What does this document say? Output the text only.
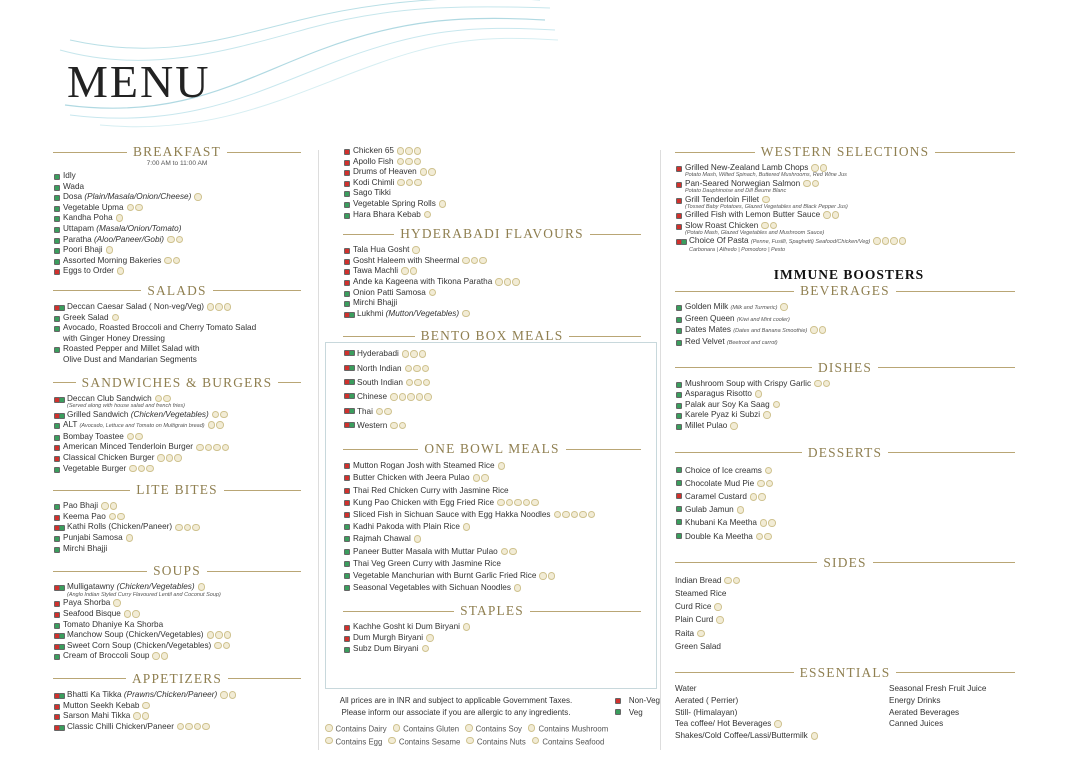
MENU
BREAKFAST
7:00 AM to 11:00 AM
Idly
Wada
Dosa (Plain/Masala/Onion/Cheese)
Vegetable Upma
Kandha Poha
Uttapam (Masala/Onion/Tomato)
Paratha (Aloo/Paneer/Gobi)
Poori Bhaji
Assorted Morning Bakeries
Eggs to Order
SALADS
Deccan Caesar Salad ( Non-veg/Veg)
Greek Salad
Avocado, Roasted Broccoli and Cherry Tomato Salad
with Ginger Honey Dressing
Roasted Pepper and Millet Salad with
Olive Dust and Mandarian Segments
SANDWICHES & BURGERS
Deccan Club Sandwich
(Served along with house salad and french fries)
Grilled Sandwich (Chicken/Vegetables)
ALT (Avocado, Lettuce and Tomato on Multigrain bread)
Bombay Toastee
American Minced Tenderloin Burger
Classical Chicken Burger
Vegetable Burger
LITE BITES
Pao Bhaji
Keema Pao
Kathi Rolls (Chicken/Paneer)
Punjabi Samosa
Mirchi Bhajji
SOUPS
Mulligatawny (Chicken/Vegetables)
(Anglo Indian Styled Curry Flavoured Lentil and Coconut Soup)
Paya Shorba
Seafood Bisque
Tomato Dhaniye Ka Shorba
Manchow Soup (Chicken/Vegetables)
Sweet Corn Soup (Chicken/Vegetables)
Cream of Broccoli Soup
APPETIZERS
Bhatti Ka Tikka (Prawns/Chicken/Paneer)
Mutton Seekh Kebab
Sarson Mahi Tikka
Classic Chilli Chicken/Paneer
Chicken 65
Apollo Fish
Drums of Heaven
Kodi Chimli
Sago Tikki
Vegetable Spring Rolls
Hara Bhara Kebab
HYDERABADI FLAVOURS
Tala Hua Gosht
Gosht Haleem with Sheermal
Tawa Machli
Ande ka Kageena with Tikona Paratha
Onion Patti Samosa
Mirchi Bhajji
Lukhmi (Mutton/Vegetables)
BENTO BOX MEALS
Hyderabadi
North Indian
South Indian
Chinese
Thai
Western
ONE BOWL MEALS
Mutton Rogan Josh with Steamed Rice
Butter Chicken with Jeera Pulao
Thai Red Chicken Curry with Jasmine Rice
Kung Pao Chicken with Egg Fried Rice
Sliced Fish in Sichuan Sauce with Egg Hakka Noodles
Kadhi Pakoda with Plain Rice
Rajmah Chawal
Paneer Butter Masala with Muttar Pulao
Thai Veg Green Curry with Jasmine Rice
Vegetable Manchurian with Burnt Garlic Fried Rice
Seasonal Vegetables with Sichuan Noodles
STAPLES
Kachhe Gosht ki Dum Biryani
Dum Murgh Biryani
Subz Dum Biryani
All prices are in INR and subject to applicable Government Taxes.
Please inform our associate if you are allergic to any ingredients.

Non-Veg

Veg
Contains Dairy	Contains Gluten	Contains Soy	Contains Mushroom
Contains Egg	Contains Sesame	Contains Nuts	Contains Seafood
WESTERN SELECTIONS
Grilled New-Zealand Lamb Chops
Potato Mash, Wilted Spinach, Buttered Mushrooms, Red Wine Jus
Pan-Seared Norwegian Salmon
Potato Dauphinoise and Dill Beurre Blanc
Grill Tenderloin Fillet
(Tossed Baby Potatoes, Glazed Vegetables and Black Pepper Jus)
Grilled Fish with Lemon Butter Sauce
Slow Roast Chicken
(Potato Mash, Glazed Vegetables and Mushroom Sauce)
Choice Of Pasta (Penne, Fusilli, Spaghetti) Seafood/Chicken/Veg)
Carbonara | Alfredo | Pomodoro | Pesto

IMMUNE BOOSTERS

BEVERAGES
Golden Milk (Milk and Turmeric)
Green Queen (Kiwi and Mint cooler)
Dates Mates (Dates and Banana Smoothie)
Red Velvet (Beetroot and carrot)
DISHES
Mushroom Soup with Crispy Garlic
Asparagus Risotto
Palak aur Soy Ka Saag
Karele Pyaz ki Subzi
Millet Pulao
DESSERTS
Choice of Ice creams
Chocolate Mud Pie
Caramel Custard
Gulab Jamun
Khubani Ka Meetha
Double Ka Meetha
SIDES
Indian Bread
Steamed Rice
Curd Rice
Plain Curd
Raita
Green Salad
ESSENTIALS
Water	Seasonal Fresh Fruit Juice
Aerated ( Perrier)	Energy Drinks
Still- (Himalayan)	Aerated Beverages
Tea coffee/ Hot Beverages	Canned Juices
Shakes/Cold Coffee/Lassi/Buttermilk
